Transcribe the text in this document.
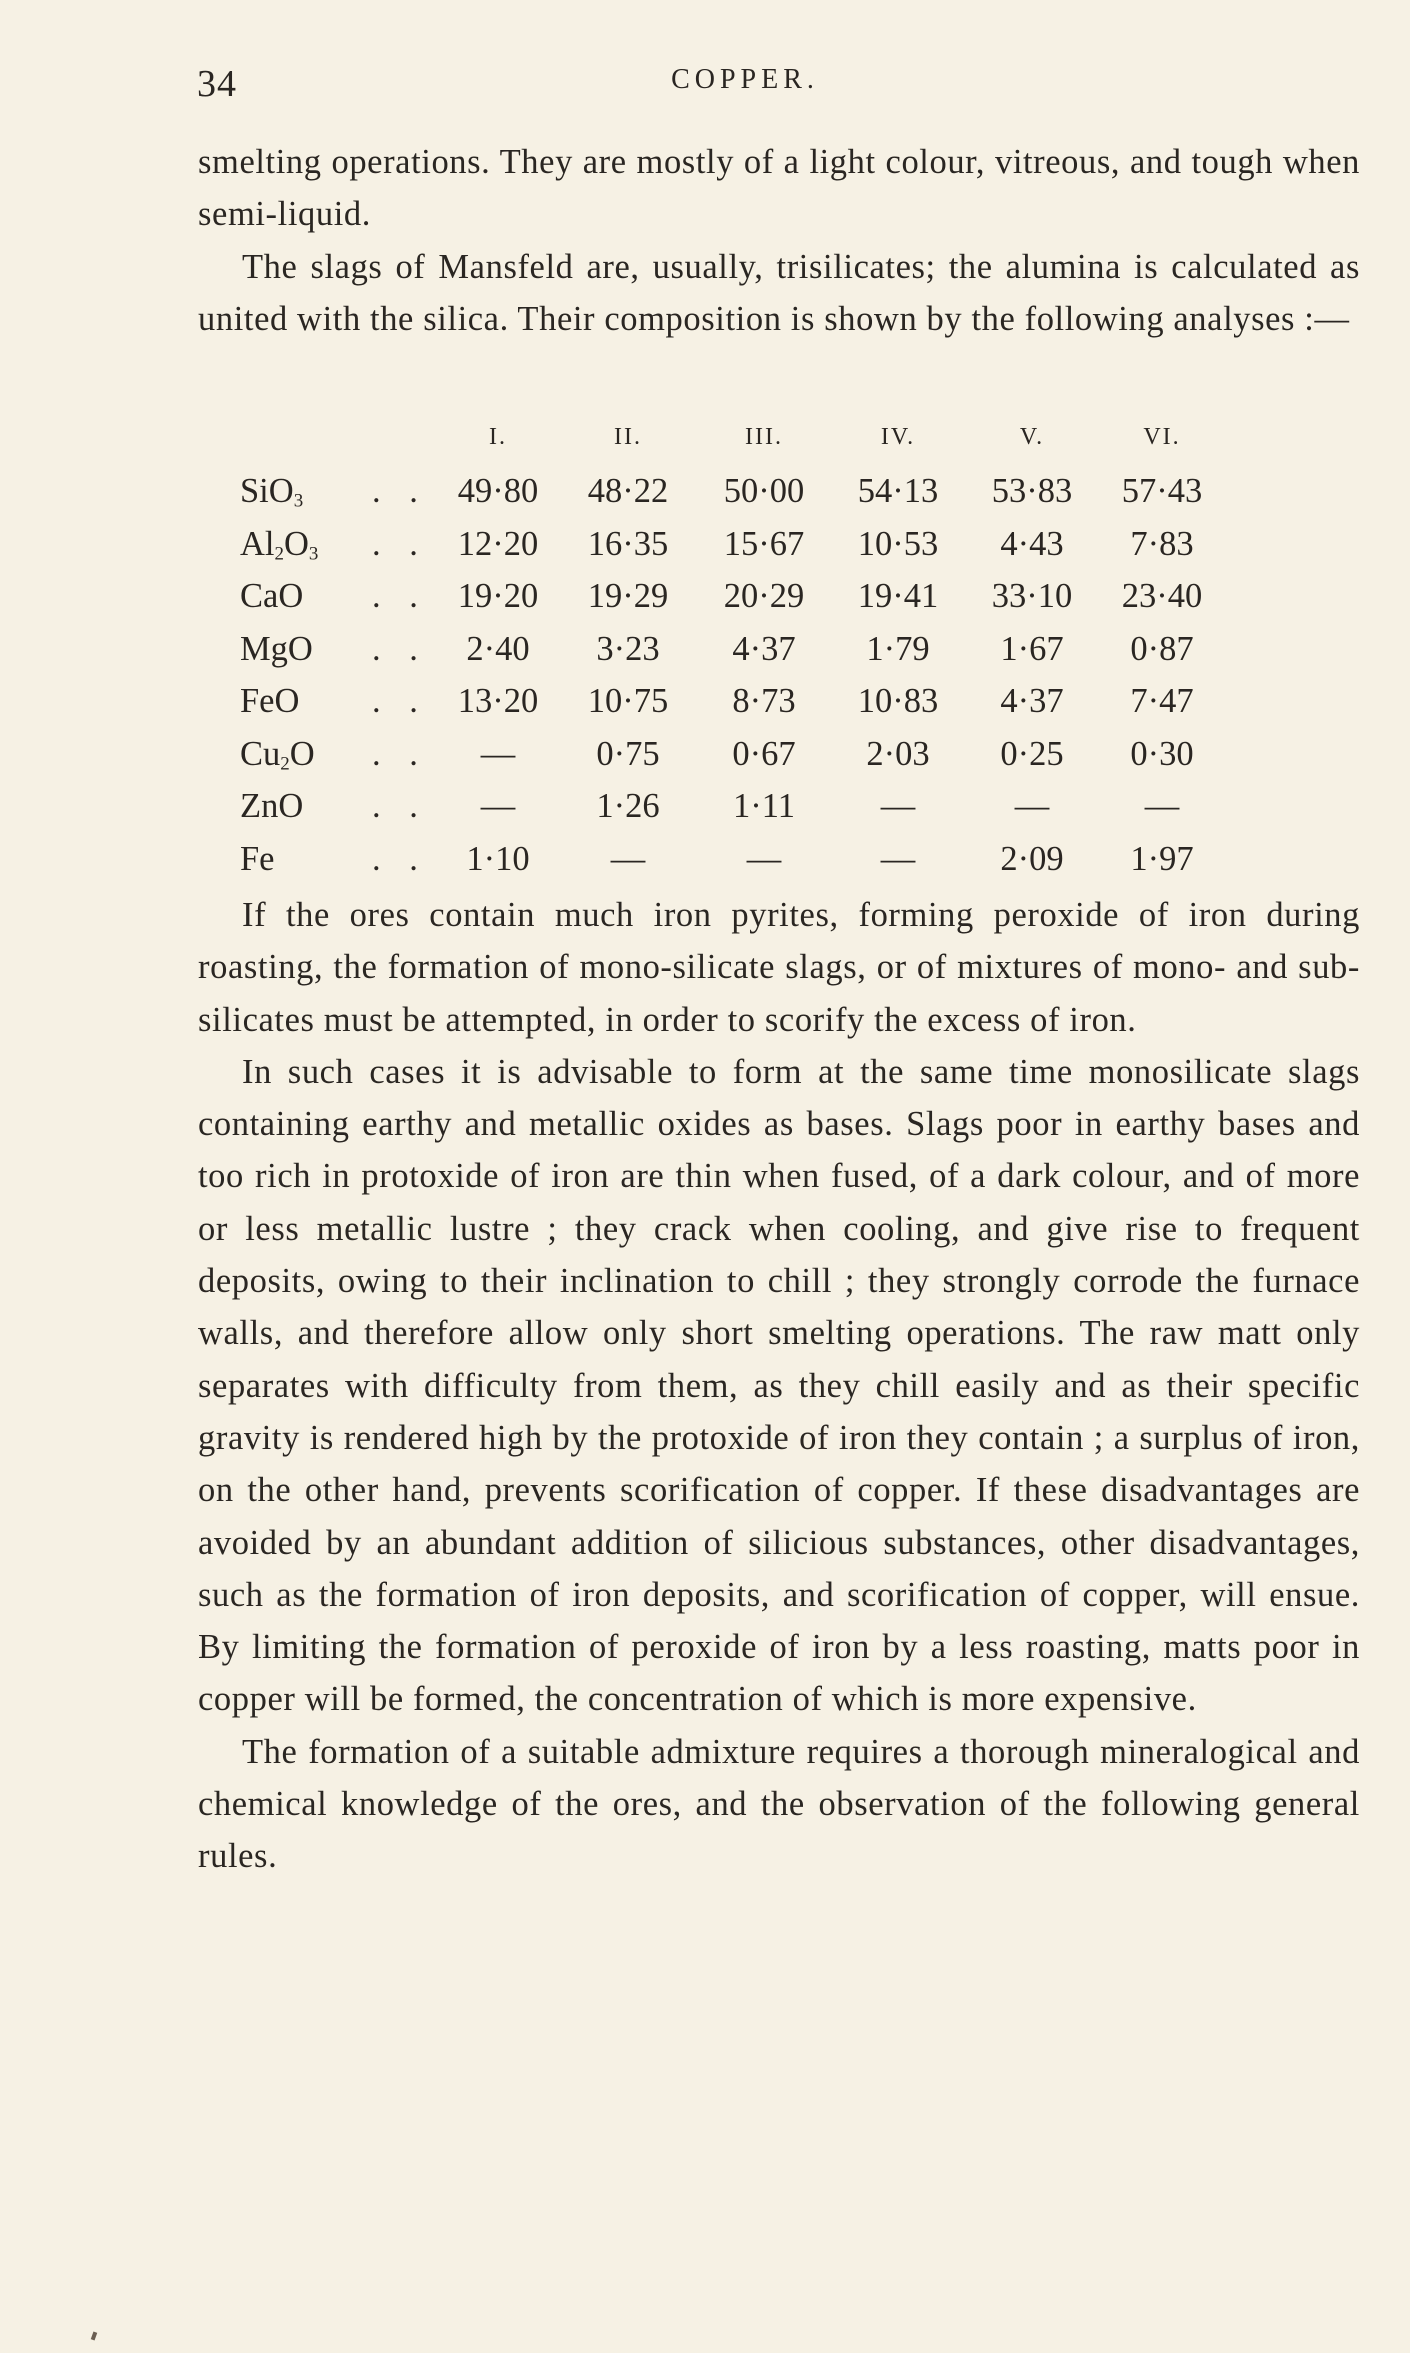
34	COPPER.

smelting operations. They are mostly of a light colour, vitreous, and tough when semi-liquid.

The slags of Mansfeld are, usually, trisilicates; the alumina is calculated as united with the silica. Their composition is shown by the following analyses :—

I.	II.	III.	IV.	V.	VI.
SiO$_3$ . . 49·80	48·22	50·00	54·13	53·83	57·43
$Al_2O_3$ . . 12·20	16·35	15·67	10·53	4·43	7·83
CaO . . 19·20	19·29	20·29	19·41	33·10	23·40
MgO . .	2·40	3·23	4·37	1·79	1·67	0·87
FeO . . 13·20	10·75	8·73	10·83	4·37	7·47
$Cu_2O$ . .	—	0·75	0·67	2·03	0·25	0·30
ZnO . .	—	1·26	1·11	—	—	—
Fe	. .	1·10	—	—	—	2·09	1·97

If the ores contain much iron pyrites, forming peroxide of iron during roasting, the formation of mono-silicate slags, or of mixtures of mono- and sub-silicates must be attempted, in order to scorify the excess of iron.

In such cases it is advisable to form at the same time monosilicate slags containing earthy and metallic oxides as bases. Slags poor in earthy bases and too rich in protoxide of iron are thin when fused, of a dark colour, and of more or less metallic lustre ; they crack when cooling, and give rise to frequent deposits, owing to their inclination to chill ; they strongly corrode the furnace walls, and therefore allow only short smelting operations. The raw matt only separates with difficulty from them, as they chill easily and as their specific gravity is rendered high by the protoxide of iron they contain ; a surplus of iron, on the other hand, prevents scorification of copper. If these disadvantages are avoided by an abundant addition of silicious substances, other disadvantages, such as the formation of iron deposits, and scorification of copper, will ensue. By limiting the formation of peroxide of iron by a less roasting, matts poor in copper will be formed, the concentration of which is more expensive.

The formation of a suitable admixture requires a thorough mineralogical and chemical knowledge of the ores, and the observation of the following general rules.
